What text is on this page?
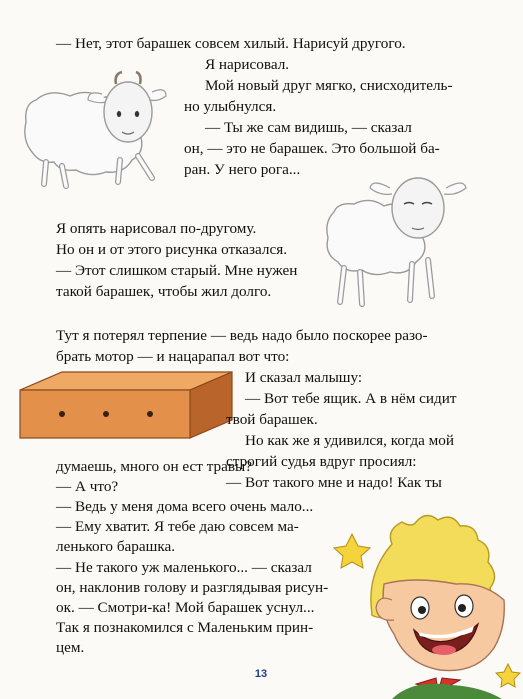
— Нет, этот барашек совсем хилый. Нарисуй другого.
Я нарисовал.
Мой новый друг мягко, снисходитель-
но улыбнулся.
— Ты же сам видишь, — сказал
он, — это не барашек. Это большой ба-
ран. У него рога...
Я опять нарисовал по-другому.
Но он и от этого рисунка отказался.
— Этот слишком старый. Мне нужен
такой барашек, чтобы жил долго.
Тут я потерял терпение — ведь надо было поскорее разо-
брать мотор — и нацарапал вот что:
И сказал малышу:
— Вот тебе ящик. А в нём сидит
твой барашек.
Но как же я удивился, когда мой
строгий судья вдруг просиял:
— Вот такого мне и надо! Как ты
думаешь, много он ест травы?
— А что?
— Ведь у меня дома всего очень мало...
— Ему хватит. Я тебе даю совсем ма-
ленького барашка.
— Не такого уж маленького... — сказал
он, наклонив голову и разглядывая рисун-
ок. — Смотри-ка! Мой барашек уснул...
Так я познакомился с Маленьким прин-
цем.
13
